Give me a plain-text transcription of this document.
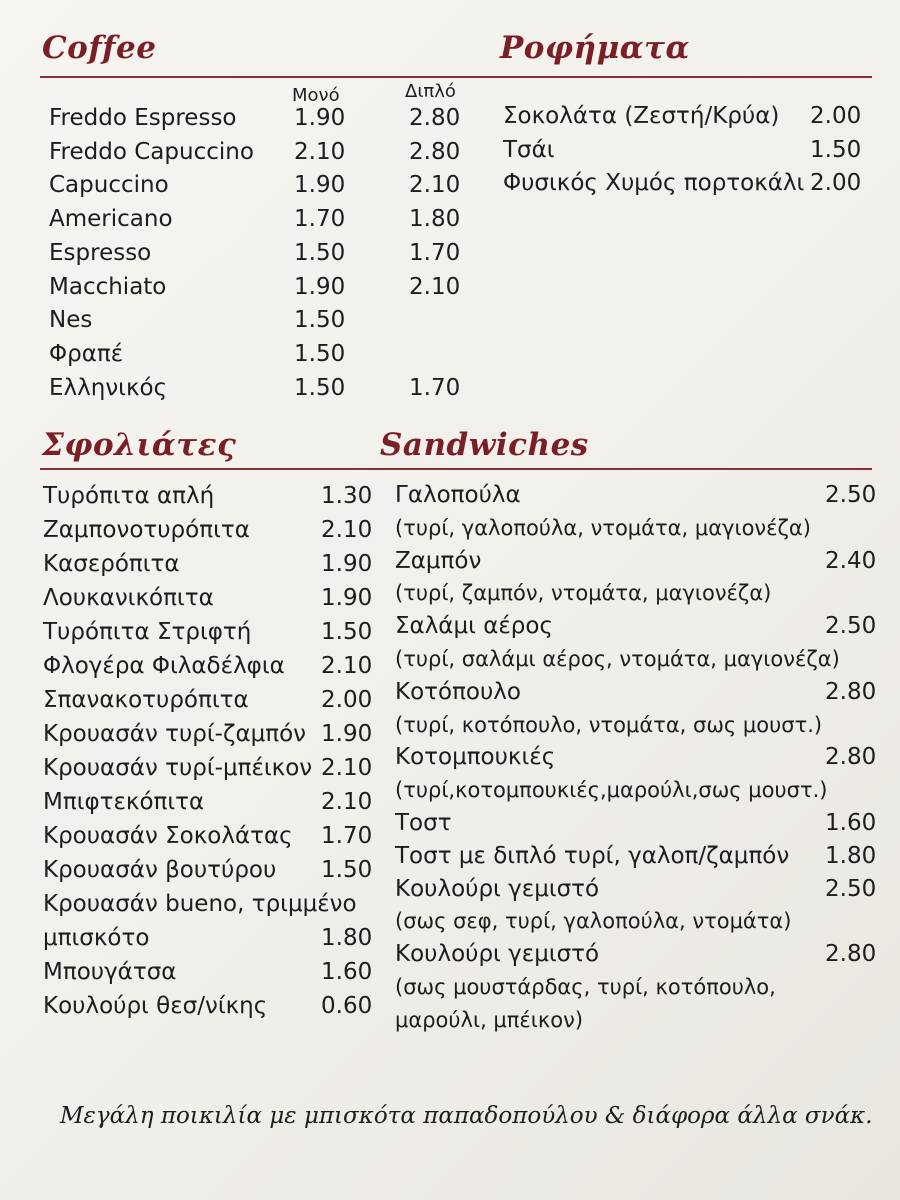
Coffee	Ροφήματα
Μονό	Διπλό
Freddo Espresso	1.90	2.80
Freddo Capuccino 2.10	2.80
Capuccino	1.90	2.10
Americano	1.70	1.80
Espresso	1.50	1.70
Macchiato	1.90	2.10
Nes	1.50
Φραπέ	1.50
Ελληνικός	1.50	1.70
Σοκολάτα (Ζεστή/Κρύα) 2.00
Τσάι	1.50
Φυσικός Χυμός πορτοκάλι 2.00
Σφολιάτες	Sandwiches
Τυρόπιτα απλή	1.30
Ζαμπονοτυρόπιτα	2.10
Κασερόπιτα	1.90
Λουκανικόπιτα	1.90
Τυρόπιτα Στριφτή	1.50
Φλογέρα Φιλαδέλφια 2.10
Σπανακοτυρόπιτα	2.00
Κρουασάν τυρί-ζαμπόν 1.90
Κρουασάν τυρί-μπέικον 2.10
Μπιφτεκόπιτα	2.10
Κρουασάν Σοκολάτας 1.70
Κρουασάν βουτύρου 1.50
Κρουασάν bueno, τριμμένο
μπισκότο	1.80
Μπουγάτσα	1.60
Κουλούρι θεσ/νίκης 0.60
Γαλοπούλα	2.50
(τυρί, γαλοπούλα, ντομάτα, μαγιονέζα)
Ζαμπόν	2.40
(τυρί, ζαμπόν, ντομάτα, μαγιονέζα)
Σαλάμι αέρος	2.50
(τυρί, σαλάμι αέρος, ντομάτα, μαγιονέζα)
Κοτόπουλο	2.80
(τυρί, κοτόπουλο, ντομάτα, σως μουστ.)
Κοτομπουκιές	2.80
(τυρί,κοτομπουκιές,μαρούλι,σως μουστ.)
Τοστ	1.60
Τοστ με διπλό τυρί, γαλοπ/ζαμπόν 1.80
Κουλούρι γεμιστό	2.50
(σως σεφ, τυρί, γαλοπούλα, ντομάτα)
Κουλούρι γεμιστό	2.80
(σως μουστάρδας, τυρί, κοτόπουλο,
μαρούλι, μπέικον)

Μεγάλη ποικιλία με μπισκότα παπαδοπούλου & διάφορα άλλα σνάκ.
